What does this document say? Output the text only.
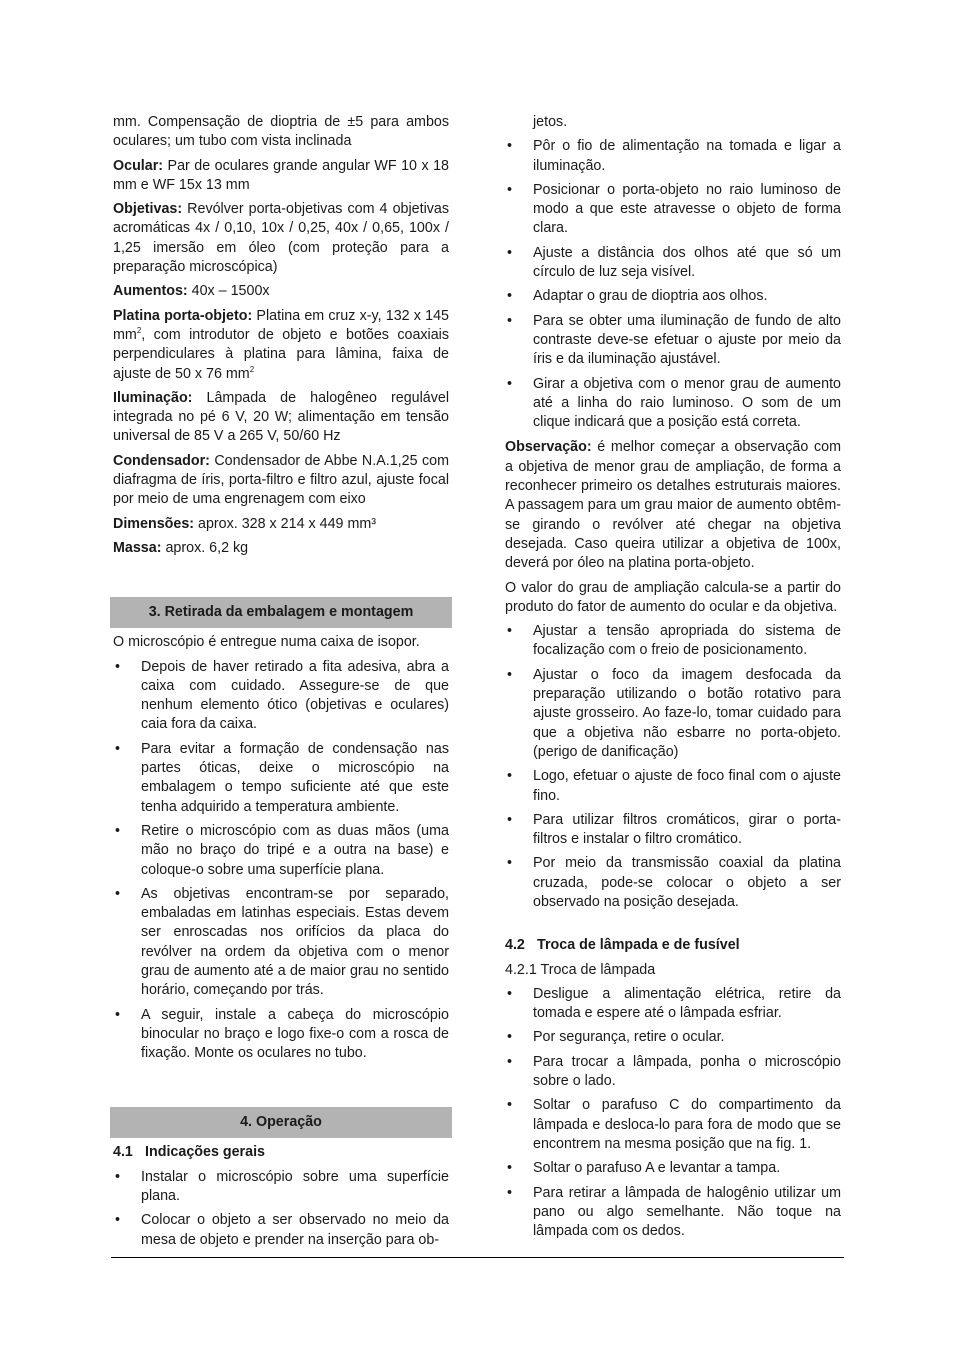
mm. Compensação de dioptria de ±5 para ambos oculares; um tubo com vista inclinada

Ocular: Par de oculares grande angular WF 10 x 18 mm e WF 15x 13 mm

Objetivas: Revólver porta-objetivas com 4 objetivas acromáticas 4x / 0,10, 10x / 0,25, 40x / 0,65, 100x / 1,25 imersão em óleo (com proteção para a preparação microscópica)

Aumentos: 40x – 1500x

Platina porta-objeto: Platina em cruz x-y, 132 x 145 $mm^2$, com introdutor de objeto e botões coaxiais perpendiculares à platina para lâmina, faixa de ajuste de 50 x 76 $mm^2$

Iluminação: Lâmpada de halogêneo regulável integrada no pé 6 V, 20 W; alimentação em tensão universal de 85 V a 265 V, 50/60 Hz

Condensador: Condensador de Abbe N.A.1,25 com diafragma de íris, porta-filtro e filtro azul, ajuste focal por meio de uma engrenagem com eixo

Dimensões: aprox. 328 x 214 x 449 mm³

Massa: aprox. 6,2 kg

3. Retirada da embalagem e montagem

O microscópio é entregue numa caixa de isopor.

• Depois de haver retirado a fita adesiva, abra a caixa com cuidado. Assegure-se de que nenhum elemento ótico (objetivas e oculares) caia fora da caixa.
• Para evitar a formação de condensação nas partes óticas, deixe o microscópio na embalagem o tempo suficiente até que este tenha adquirido a temperatura ambiente.
• Retire o microscópio com as duas mãos (uma mão no braço do tripé e a outra na base) e coloque-o sobre uma superfície plana.
• As objetivas encontram-se por separado, embaladas em latinhas especiais. Estas devem ser enroscadas nos orifícios da placa do revólver na ordem da objetiva com o menor grau de aumento até a de maior grau no sentido horário, começando por trás.
• A seguir, instale a cabeça do microscópio binocular no braço e logo fixe-o com a rosca de fixação. Monte os oculares no tubo.
4. Operação
4.1 Indicações gerais
• Instalar o microscópio sobre uma superfície plana.
• Colocar o objeto a ser observado no meio da mesa de objeto e prender na inserção para ob-
jetos.
• Pôr o fio de alimentação na tomada e ligar a iluminação.
• Posicionar o porta-objeto no raio luminoso de modo a que este atravesse o objeto de forma clara.
• Ajuste a distância dos olhos até que só um círculo de luz seja visível.
• Adaptar o grau de dioptria aos olhos.
• Para se obter uma iluminação de fundo de alto contraste deve-se efetuar o ajuste por meio da íris e da iluminação ajustável.
• Girar a objetiva com o menor grau de aumento até a linha do raio luminoso. O som de um clique indicará que a posição está correta.

Observação: é melhor começar a observação com a objetiva de menor grau de ampliação, de forma a reconhecer primeiro os detalhes estruturais maiores. A passagem para um grau maior de aumento obtêm-se girando o revólver até chegar na objetiva desejada. Caso queira utilizar a objetiva de 100x, deverá por óleo na platina porta-objeto.

O valor do grau de ampliação calcula-se a partir do produto do fator de aumento do ocular e da objetiva.

• Ajustar a tensão apropriada do sistema de focalização com o freio de posicionamento.
• Ajustar o foco da imagem desfocada da preparação utilizando o botão rotativo para ajuste grosseiro. Ao faze-lo, tomar cuidado para que a objetiva não esbarre no porta-objeto. (perigo de danificação)
• Logo, efetuar o ajuste de foco final com o ajuste fino.
• Para utilizar filtros cromáticos, girar o porta-filtros e instalar o filtro cromático.
• Por meio da transmissão coaxial da platina cruzada, pode-se colocar o objeto a ser observado na posição desejada.
4.2 Troca de lâmpada e de fusível

4.2.1 Troca de lâmpada

• Desligue a alimentação elétrica, retire da tomada e espere até o lâmpada esfriar.
• Por segurança, retire o ocular.
• Para trocar a lâmpada, ponha o microscópio sobre o lado.
• Soltar o parafuso C do compartimento da lâmpada e desloca-lo para fora de modo que se encontrem na mesma posição que na fig. 1.
• Soltar o parafuso A e levantar a tampa.
• Para retirar a lâmpada de halogênio utilizar um pano ou algo semelhante. Não toque na lâmpada com os dedos.
